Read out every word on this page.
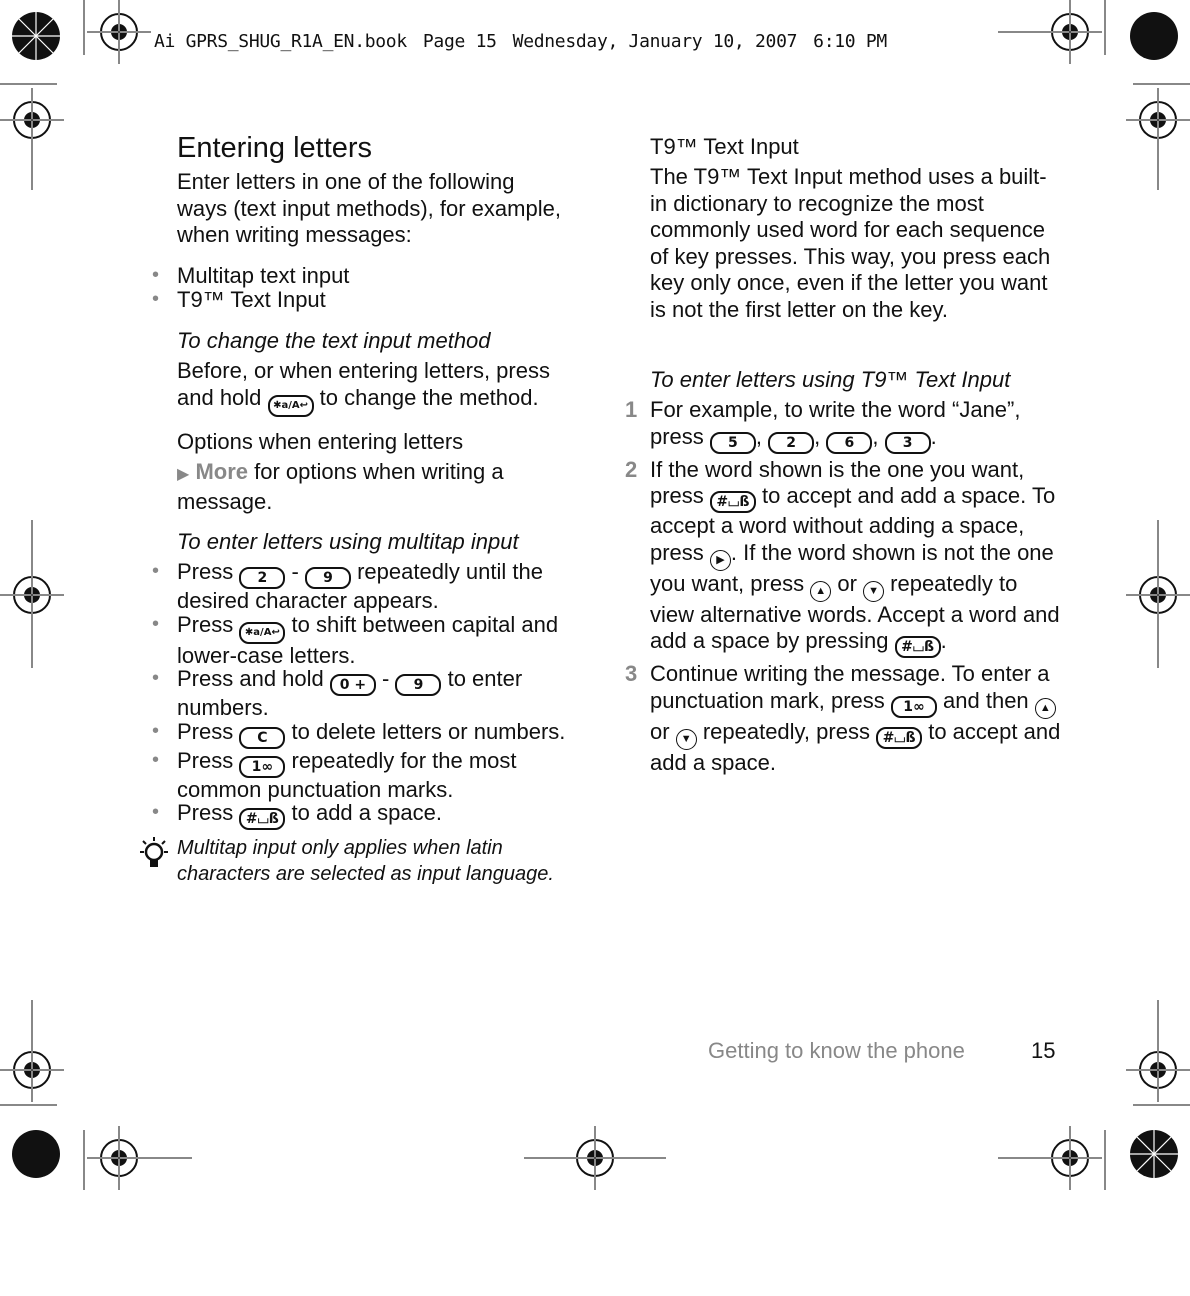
Ai GPRS_SHUG_R1A_EN.book Page 15 Wednesday, January 10, 2007 6:10 PM
Entering letters

Enter letters in one of the following ways (text input methods), for example, when writing messages:

• Multitap text input
• T9™ Text Input

To change the text input method

Before, or when entering letters, press
and hold ✱a/A↩ to change the method.

Options when entering letters

▶ More for options when writing a message.

To enter letters using multitap input

• Press 2 - 9 repeatedly until the desired character appears.
• Press ✱a/A↩ to shift between capital and lower-case letters.
• Press and hold 0 + - 9 to enter numbers.
• Press C to delete letters or numbers.
• Press 1∞ repeatedly for the most common punctuation marks.
• Press #⌴ß to add a space.

Multitap input only applies when latin characters are selected as input language.

T9™ Text Input

The T9™ Text Input method uses a built-in dictionary to recognize the most commonly used word for each sequence of key presses. This way, you press each key only once, even if the letter you want is not the first letter on the key.

To enter letters using T9™ Text Input

1 For example, to write the word “Jane”, press 5 , 2 , 6 , 3 .
2 If the word shown is the one you want, press #⌴ß to accept and add a space. To accept a word without adding a space, press ▶ . If the word shown is not the one you want, press ▲ or ▼ repeatedly to view alternative words. Accept a word and add a space by pressing #⌴ß .
3 Continue writing the message. To enter a punctuation mark, press 1∞ and then ▲ or ▼ repeatedly, press #⌴ß to accept and add a space.
Getting to know the phone	15
